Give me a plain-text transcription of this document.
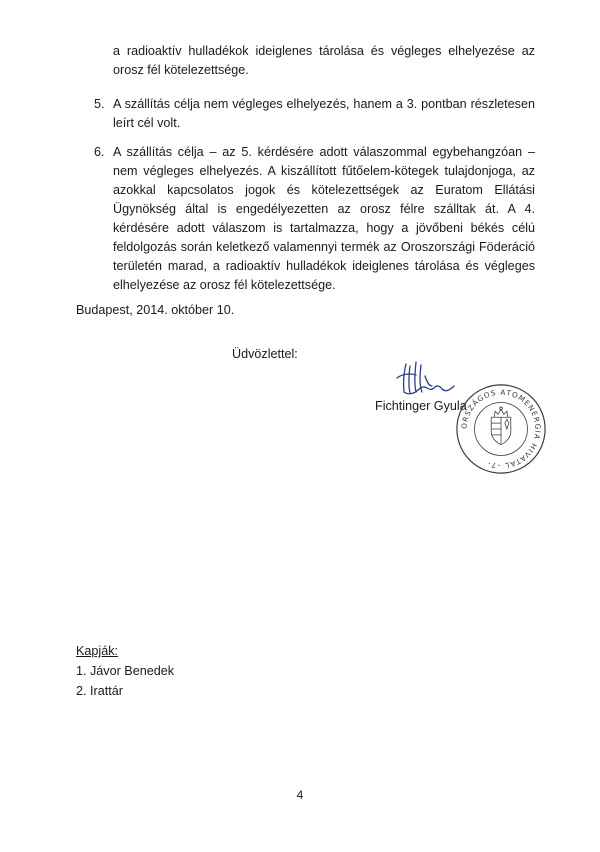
a radioaktív hulladékok ideiglenes tárolása és végleges elhelyezése az orosz fél kötelezettsége.

5. A szállítás célja nem végleges elhelyezés, hanem a 3. pontban részletesen leírt cél volt.
6. A szállítás célja – az 5. kérdésére adott válaszommal egybehangzóan – nem végleges elhelyezés. A kiszállított fűtőelem-kötegek tulajdonjoga, az azokkal kapcsolatos jogok és kötelezettségek az Euratom Ellátási Ügynökség által is engedélyezetten az orosz félre szálltak át. A 4. kérdésére adott válaszom is tartalmazza, hogy a jövőbeni békés célú feldolgozás során keletkező valamennyi termék az Oroszországi Föderáció területén marad, a radioaktív hulladékok ideiglenes tárolása és végleges elhelyezése az orosz fél kötelezettsége.
Budapest, 2014. október 10.
Üdvözlettel:
Fichtinger Gyula
ORSZÁGOS ATOMENERGIA HIVATAL -7-
Kapják:
1. Jávor Benedek
2. Irattár
4
